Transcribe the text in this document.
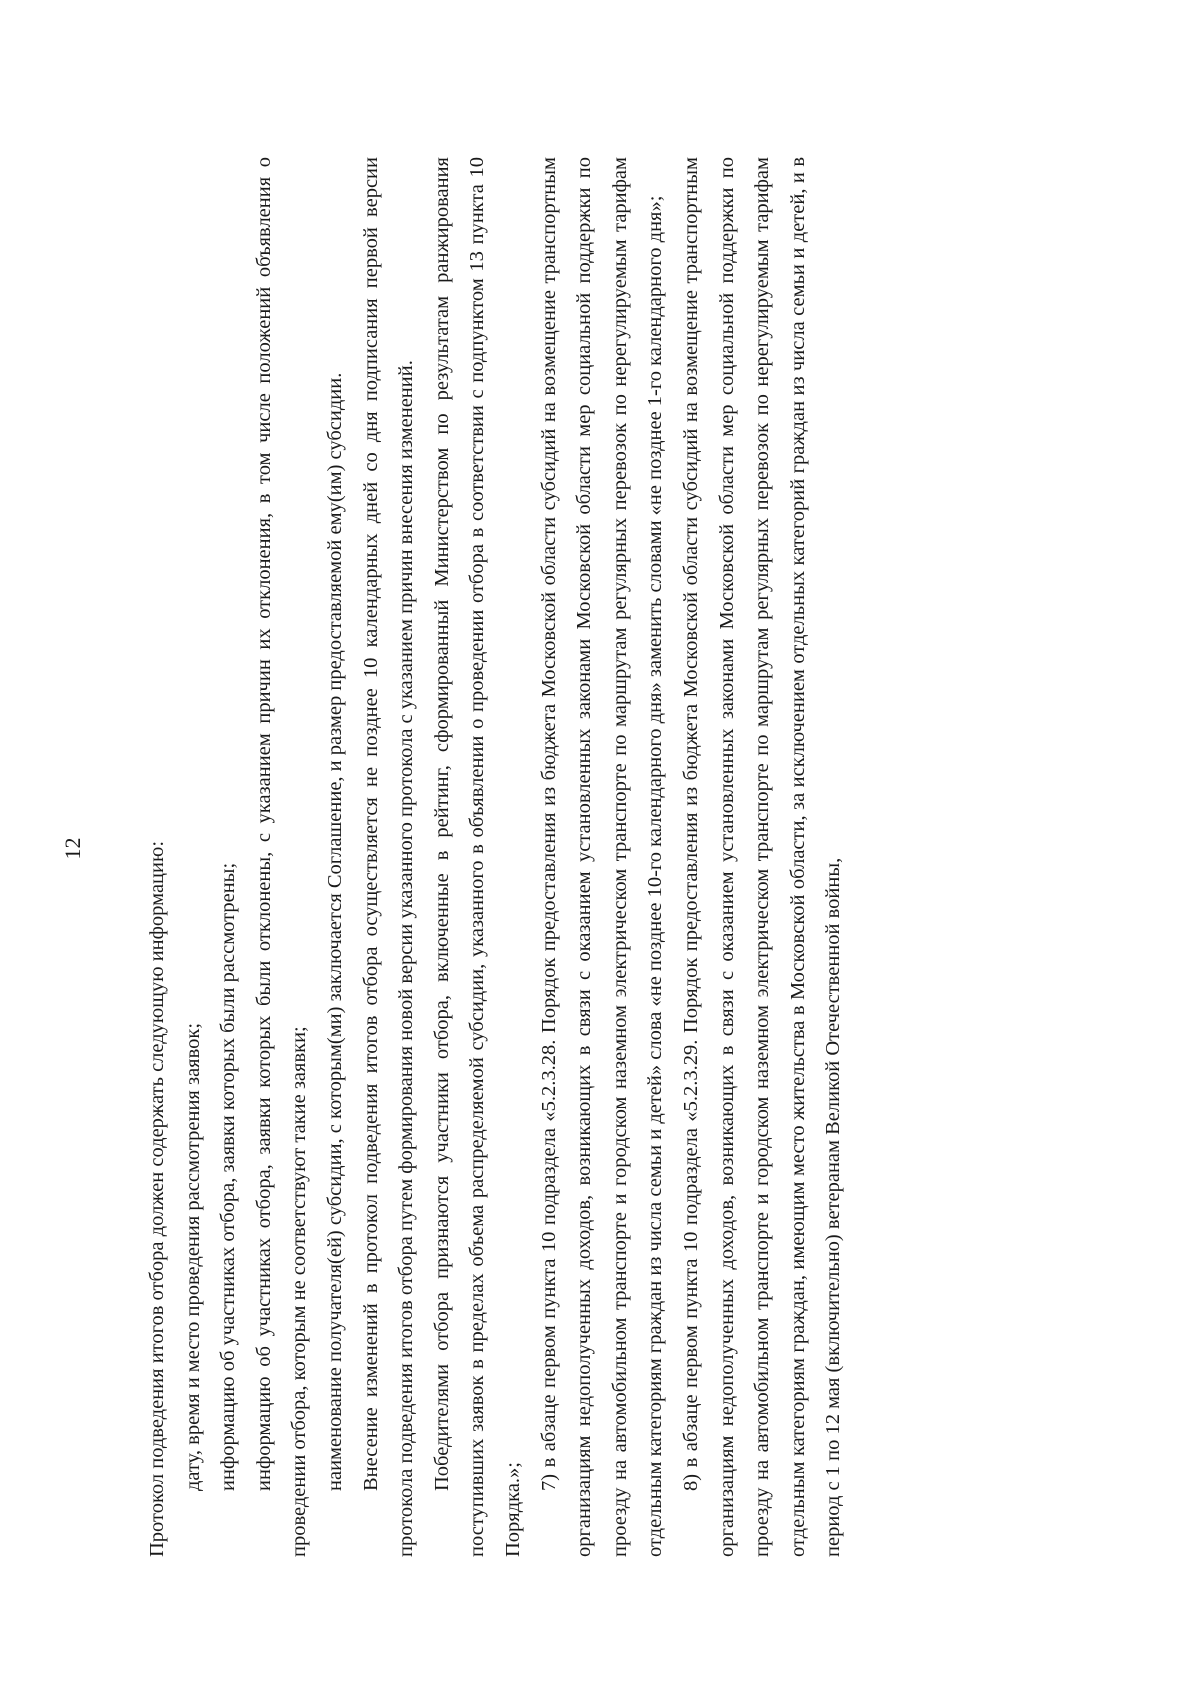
12	Протокол подведения итогов отбора должен содержать следующую информацию: дату, время и место проведения рассмотрения заявок; информацию об участниках отбора, заявки которых были рассмотрены; информацию об участниках отбора, заявки которых были отклонены, с указанием причин их отклонения, в том числе положений объявления о проведении отбора, которым не соответствуют такие заявки; наименование получателя(ей) субсидии, с которым(ми) заключается Соглашение, и размер предоставляемой ему(им) субсидии. Внесение изменений в протокол подведения итогов отбора осуществляется не позднее 10 календарных дней со дня подписания первой версии протокола подведения итогов отбора путем формирования новой версии указанного протокола с указанием причин внесения изменений. Победителями отбора признаются участники отбора, включенные в рейтинг, сформированный Министерством по результатам ранжирования поступивших заявок в пределах объема распределяемой субсидии, указанного в объявлении о проведении отбора в соответствии с подпунктом 13 пункта 10 Порядка.»;

7) в абзаце первом пункта 10 подраздела «5.2.3.28. Порядок предоставления из бюджета Московской области субсидий на возмещение транспортным организациям недополученных доходов, возникающих в связи с оказанием установленных законами Московской области мер социальной поддержки по проезду на автомобильном транспорте и городском наземном электрическом транспорте по маршрутам регулярных перевозок по нерегулируемым тарифам отдельным категориям граждан из числа семьи и детей» слова «не позднее 10-го календарного дня» заменить словами «не позднее 1-го календарного дня»; 8) в абзаце первом пункта 10 подраздела «5.2.3.29. Порядок предоставления из бюджета Московской области субсидий на возмещение транспортным организациям недополученных доходов, возникающих в связи с оказанием установленных законами Московской области мер социальной поддержки по проезду на автомобильном транспорте и городском наземном электрическом транспорте по маршрутам регулярных перевозок по нерегулируемым тарифам отдельным категориям граждан, имеющим место жительства в Московской области, за исключением отдельных категорий граждан из числа семьи и детей, и в период с 1 по 12 мая (включительно) ветеранам Великой Отечественной войны,
